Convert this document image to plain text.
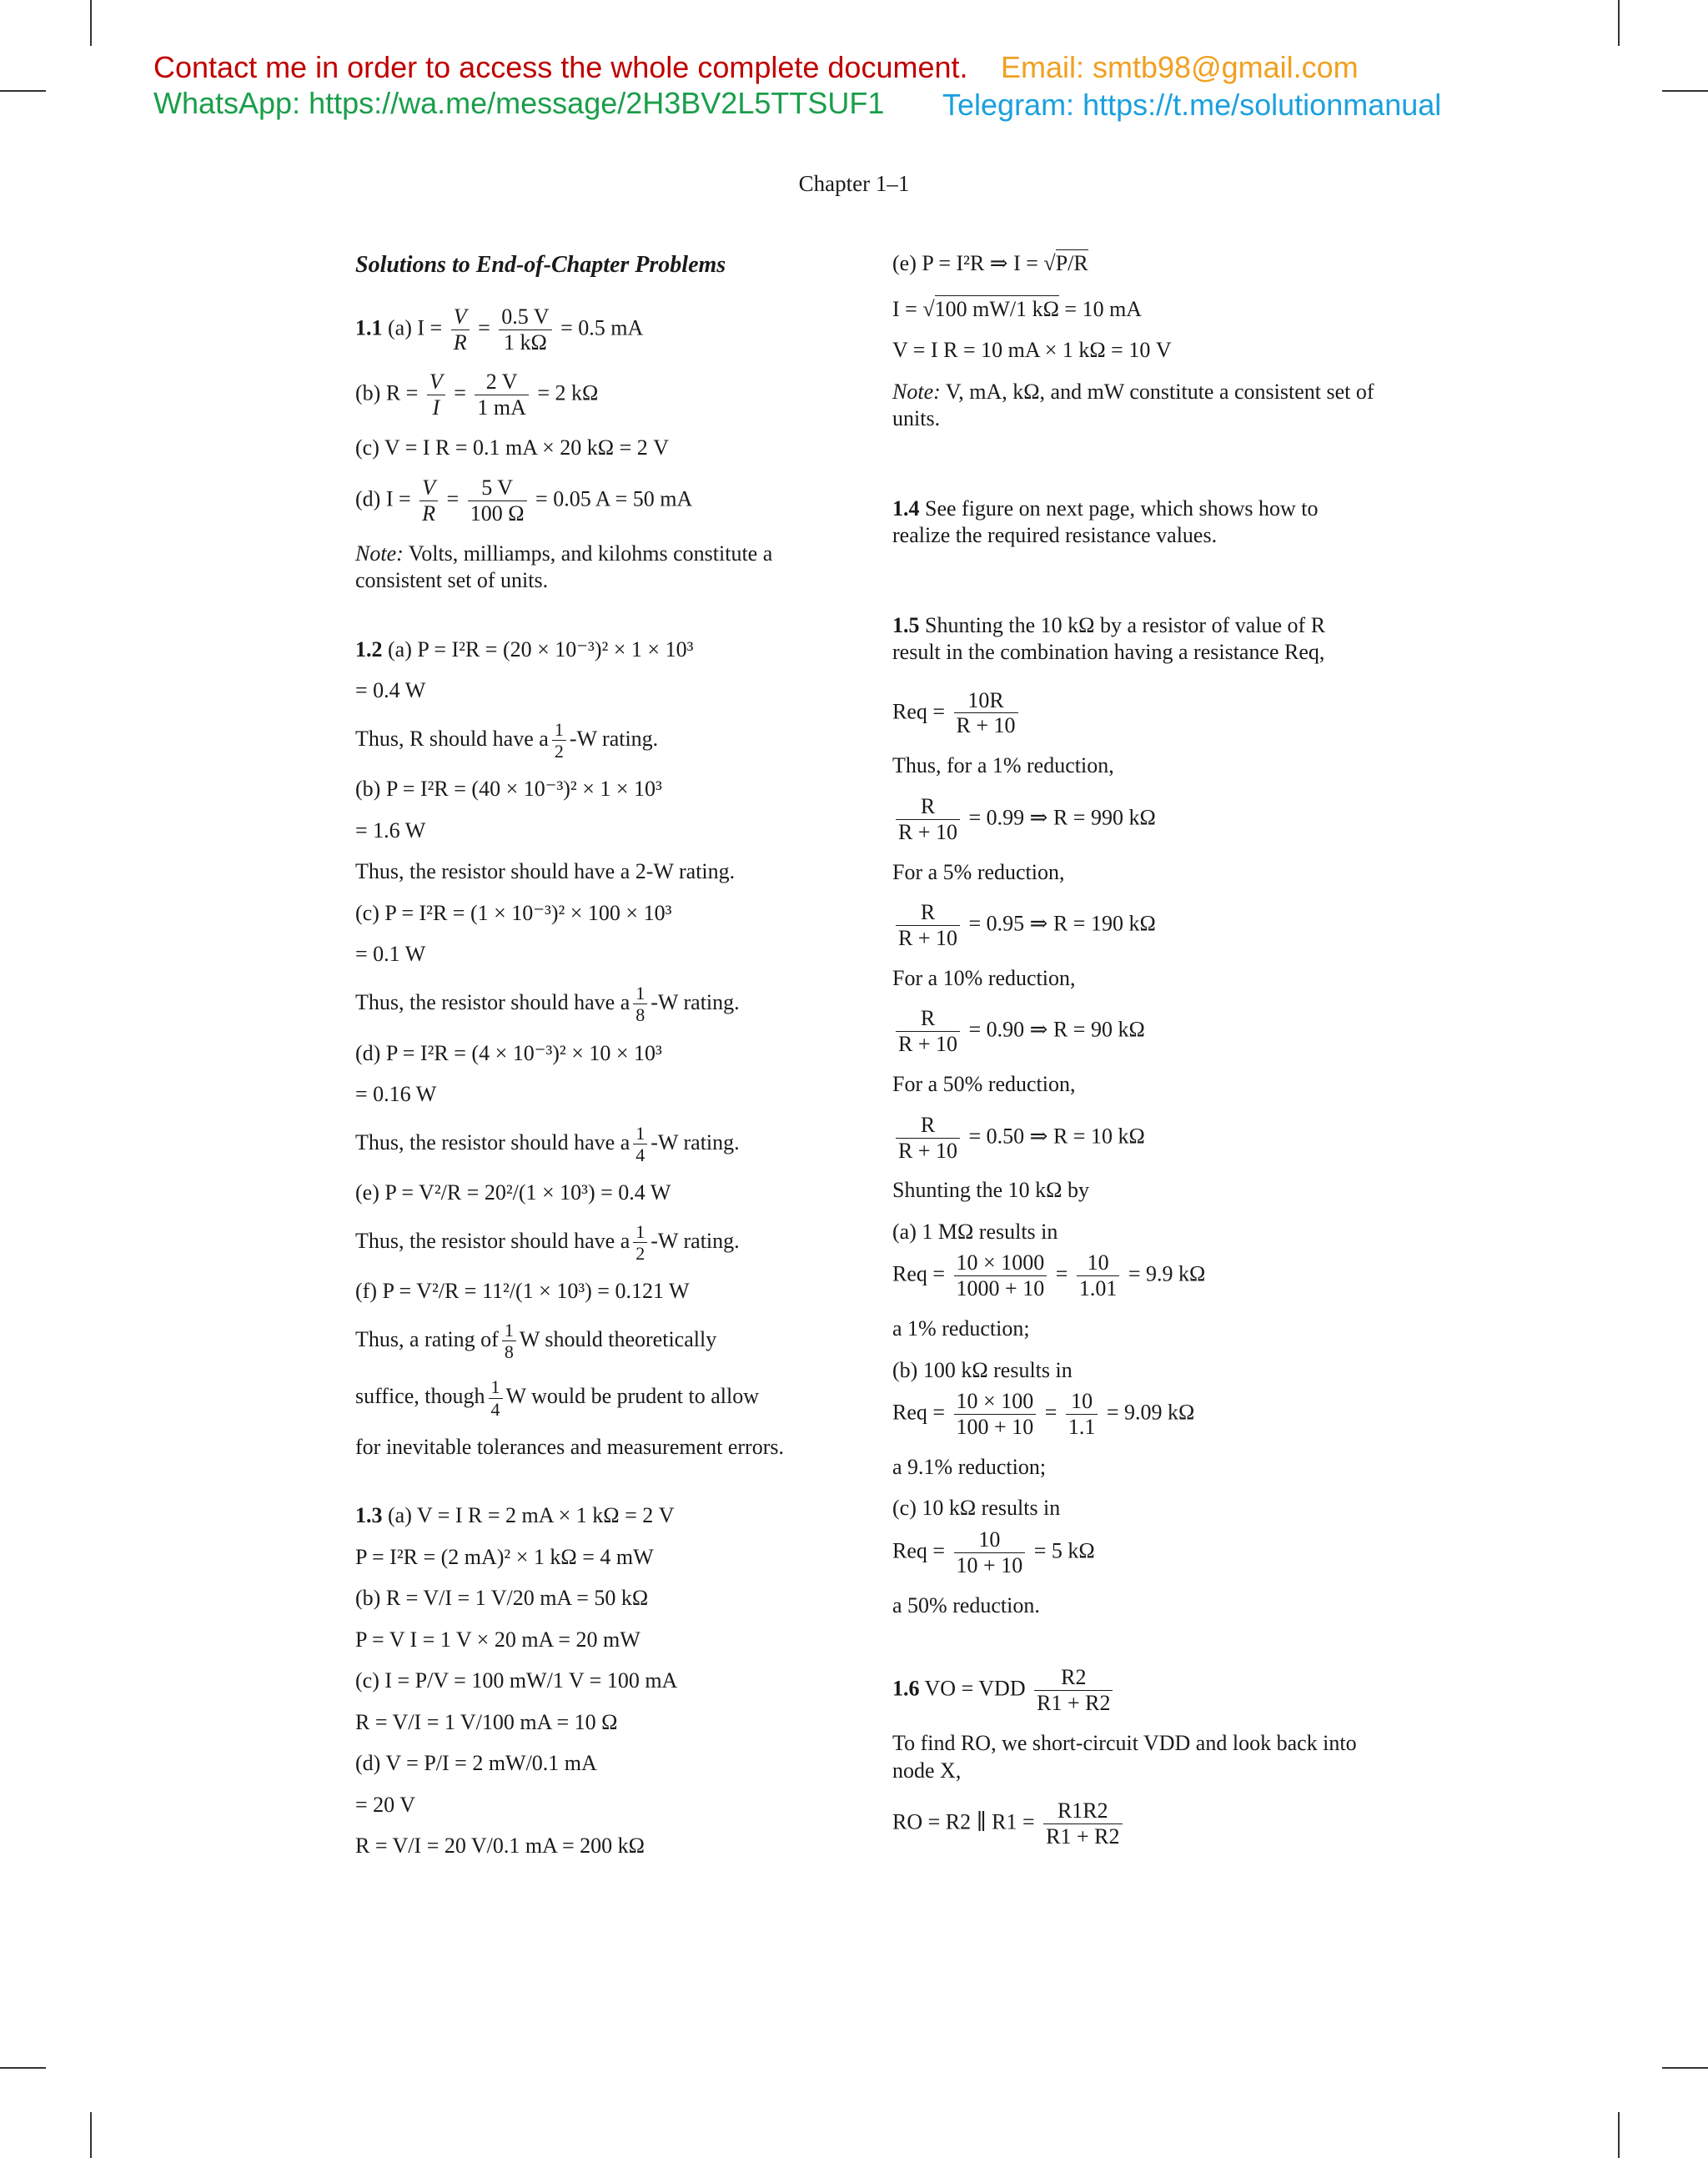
Contact me in order to access the whole complete document. Email: smtb98@gmail.com
WhatsApp: https://wa.me/message/2H3BV2L5TTSUF1 Telegram: https://t.me/solutionmanual
Chapter 1–1
Solutions to End-of-Chapter Problems
1.1 (a) $I = \frac{V}{R} = \frac{0.5 V}{1 k\Omega} = 0.5$ mA
(b) $R = \frac{V}{I} = \frac{2 V}{1 mA} = 2$ kΩ
(c) V = I R = 0.1 mA × 20 kΩ = 2 V
(d) $I = \frac{V}{R} = \frac{5 V}{100 \Omega} = 0.05$ A = 50 mA
Note: Volts, milliamps, and kilohms constitute a consistent set of units.
1.2 (a) P = I²R = (20 × 10⁻³)² × 1 × 10³
= 0.4 W
Thus, R should have a $\frac{1}{2} -W$ rating.
(b) P = I²R = (40 × 10⁻³)² × 1 × 10³
= 1.6 W
Thus, the resistor should have a 2-W rating.
(c) P = I²R = (1 × 10⁻³)² × 100 × 10³
= 0.1 W
Thus, the resistor should have a $\frac{1}{8} -W$ rating.
(d) P = I²R = (4 × 10⁻³)² × 10 × 10³
= 0.16 W
Thus, the resistor should have a $\frac{1}{4} -W$ rating.
(e) P = V²/R = 20²/(1 × 10³) = 0.4 W
Thus, the resistor should have a $\frac{1}{2} -W$ rating.
(f) P = V²/R = 11²/(1 × 10³) = 0.121 W
Thus, a rating of $\frac{1}{8}$ W should theoretically
suffice, though $\frac{1}{4}$ W would be prudent to allow
for inevitable tolerances and measurement errors.
1.3 (a) V = I R = 2 mA × 1 kΩ = 2 V
P = I²R = (2 mA)² × 1 kΩ = 4 mW
(b) R = V/I = 1 V/20 mA = 50 kΩ
P = V I = 1 V × 20 mA = 20 mW
(c) I = P/V = 100 mW/1 V = 100 mA
R = V/I = 1 V/100 mA = 10 Ω
(d) V = P/I = 2 mW/0.1 mA
= 20 V
R = V/I = 20 V/0.1 mA = 200 kΩ
(e) P = I²R ⇒ I = √P/R
I = √100 mW/1 kΩ = 10 mA
V = I R = 10 mA × 1 kΩ = 10 V
Note: V, mA, kΩ, and mW constitute a consistent set of units.
1.4 See figure on next page, which shows how to realize the required resistance values.
1.5 Shunting the 10 kΩ by a resistor of value of R result in the combination having a resistance Req,
Req = $\frac{10R}{R + 10}$
Thus, for a 1% reduction,
$\frac{R}{R + 10} = 0.99$ ⇒ R = 990 kΩ
For a 5% reduction,
$\frac{R}{R + 10} = 0.95$ ⇒ R = 190 kΩ
For a 10% reduction,
$\frac{R}{R + 10} = 0.90$ ⇒ R = 90 kΩ
For a 50% reduction,
$\frac{R}{R + 10} = 0.50$ ⇒ R = 10 kΩ
Shunting the 10 kΩ by
(a) 1 MΩ results in
Req = $\frac{10 \times 1000}{1000 + 10} = \frac{10}{1.01} = 9.9$ kΩ
a 1% reduction;
(b) 100 kΩ results in
Req = $\frac{10 \times 100}{100 + 10} = \frac{10}{1.1} = 9.09$ kΩ
a 9.1% reduction;
(c) 10 kΩ results in
Req = $\frac{10}{10 + 10} = 5$ kΩ
a 50% reduction.
1.6 VO = VDD $\frac{R2}{R1 + R2}$
To find RO, we short-circuit VDD and look back into node X,
RO = R2 ∥ $R1 = \frac{R1R2}{R1 + R2}$
